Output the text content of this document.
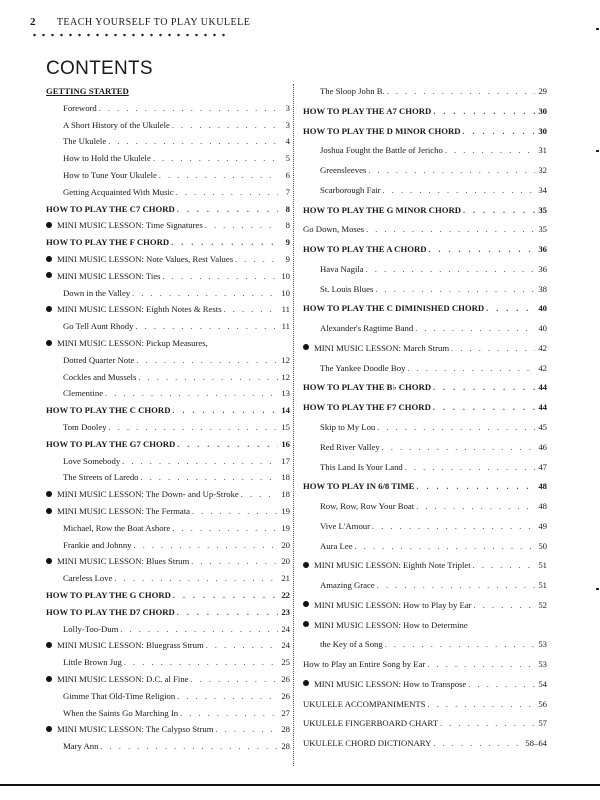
2 TEACH YOURSELF TO PLAY UKULELE
CONTENTS
GETTING STARTED
Foreword . . .	3
A Short History of the Ukulele . . .	3
The Ukulele . . .	4
How to Hold the Ukulele . . .	5
How to Tune Your Ukulele . . .	6
Getting Acquainted With Music . . .	7
HOW TO PLAY THE C7 CHORD . . .	8
MINI MUSIC LESSON: Time Signatures . . .	8
HOW TO PLAY THE F CHORD . . .	9
MINI MUSIC LESSON: Note Values, Rest Values . . .	9
MINI MUSIC LESSON: Ties . . .	10
Down in the Valley . . .	10
MINI MUSIC LESSON: Eighth Notes & Rests . . .	11
Go Tell Aunt Rhody . . .	11
MINI MUSIC LESSON: Pickup Measures,
Dotted Quarter Note . . .	12
Cockles and Mussels . . .	12
Clementine . . .	13
HOW TO PLAY THE C CHORD . . .	14
Tom Dooley . . .	15
HOW TO PLAY THE G7 CHORD . . .	16
Love Somebody . . .	17
The Streets of Laredo . . .	18
MINI MUSIC LESSON: The Down- and Up-Stroke . . .	18
MINI MUSIC LESSON: The Fermata . . .	19
Michael, Row the Boat Ashore . . .	19
Frankie and Johnny . . .	20
MINI MUSIC LESSON: Blues Strum . . .	20
Careless Love . . .	21
HOW TO PLAY THE G CHORD . . .	22
HOW TO PLAY THE D7 CHORD . . .	23
Lolly-Too-Dum . . .	24
MINI MUSIC LESSON: Bluegrass Strum . . .	24
Little Brown Jug . . .	25
MINI MUSIC LESSON: D.C. al Fine . . .	26
Gimme That Old-Time Religion . . .	26
When the Saints Go Marching In . . .	27
MINI MUSIC LESSON: The Calypso Strum . . .	28
Mary Ann . . .	28
The Sloop John B. . . .	29
HOW TO PLAY THE A7 CHORD . . .	30
HOW TO PLAY THE D MINOR CHORD . . .	30
Joshua Fought the Battle of Jericho . . .	31
Greensleeves . . .	32
Scarborough Fair . . .	34
HOW TO PLAY THE G MINOR CHORD . . .	35
Go Down, Moses . . .	35
HOW TO PLAY THE A CHORD . . .	36
Hava Nagila . . .	36
St. Louis Blues . . .	38
HOW TO PLAY THE C DIMINISHED CHORD . . .	40
Alexander's Ragtime Band . . .	40
MINI MUSIC LESSON: March Strum . . .	42
The Yankee Doodle Boy . . .	42
HOW TO PLAY THE B♭ CHORD . . .	44
HOW TO PLAY THE F7 CHORD . . .	44
Skip to My Lou . . .	45
Red River Valley . . .	46
This Land Is Your Land . . .	47
HOW TO PLAY IN 6/8 TIME . . .	48
Row, Row, Row Your Boat . . .	48
Vive L'Amour . . .	49
Aura Lee . . .	50
MINI MUSIC LESSON: Eighth Note Triplet . . .	51
Amazing Grace . . .	51
MINI MUSIC LESSON: How to Play by Ear . . .	52
MINI MUSIC LESSON: How to Determine
the Key of a Song . . .	53
How to Play an Entire Song by Ear . . .	53
MINI MUSIC LESSON: How to Transpose . . .	54
UKULELE ACCOMPANIMENTS . . .	56
UKULELE FINGERBOARD CHART . . .	57
UKULELE CHORD DICTIONARY . . .	58–64
